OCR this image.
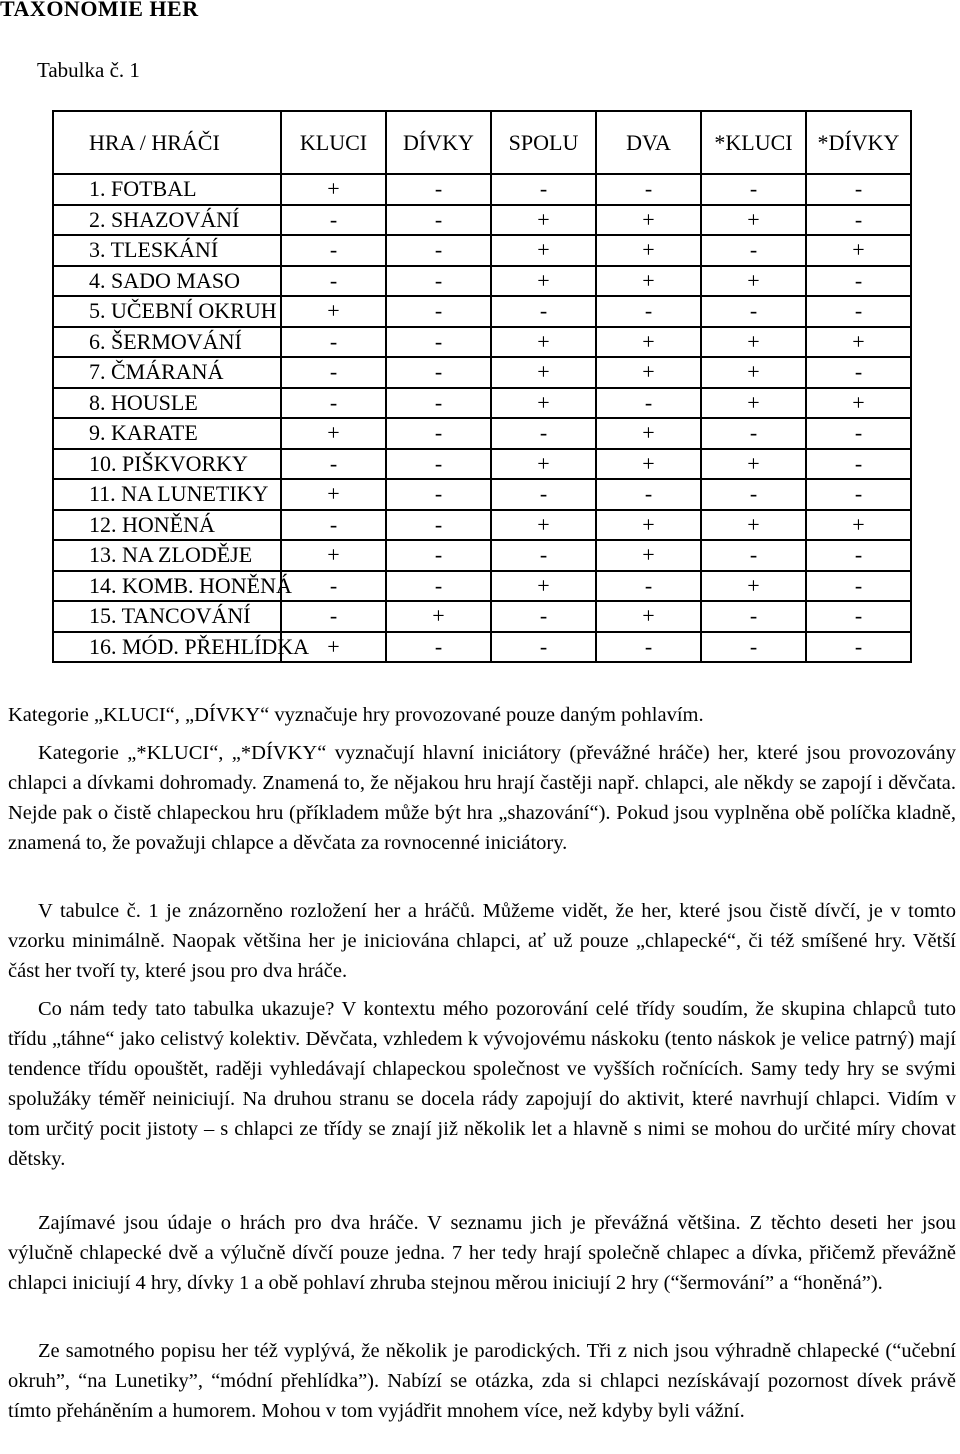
TAXONOMIE HER
Tabulka č. 1
HRA / HRÁČI	KLUCI	DÍVKY	SPOLU	DVA	*KLUCI	*DÍVKY
1. FOTBAL	+	-	-	-	-	-
2. SHAZOVÁNÍ	-	-	+	+	+	-
3. TLESKÁNÍ	-	-	+	+	-	+
4. SADO MASO	-	-	+	+	+	-
5. UČEBNÍ OKRUH	+	-	-	-	-	-
6. ŠERMOVÁNÍ	-	-	+	+	+	+
7. ČMÁRANÁ	-	-	+	+	+	-
8. HOUSLE	-	-	+	-	+	+
9. KARATE	+	-	-	+	-	-
10. PIŠKVORKY	-	-	+	+	+	-
11. NA LUNETIKY	+	-	-	-	-	-
12. HONĚNÁ	-	-	+	+	+	+
13. NA ZLODĚJE	+	-	-	+	-	-
14. KOMB. HONĚNÁ	-	-	+	-	+	-
15. TANCOVÁNÍ	-	+	-	+	-	-
16. MÓD. PŘEHLÍDKA	+	-	-	-	-	-

Kategorie „KLUCI“, „DÍVKY“ vyznačuje hry provozované pouze daným pohlavím.

Kategorie „*KLUCI“, „*DÍVKY“ vyznačují hlavní iniciátory (převážné hráče) her, které jsou provozovány chlapci a dívkami dohromady. Znamená to, že nějakou hru hrají častěji např. chlapci, ale někdy se zapojí i děvčata. Nejde pak o čistě chlapeckou hru (příkladem může být hra „shazování“). Pokud jsou vyplněna obě políčka kladně, znamená to, že považuji chlapce a děvčata za rovnocenné iniciátory.

V tabulce č. 1 je znázorněno rozložení her a hráčů. Můžeme vidět, že her, které jsou čistě dívčí, je v tomto vzorku minimálně. Naopak většina her je iniciována chlapci, ať už pouze „chlapecké“, či též smíšené hry. Větší část her tvoří ty, které jsou pro dva hráče.

Co nám tedy tato tabulka ukazuje? V kontextu mého pozorování celé třídy soudím, že skupina chlapců tuto třídu „táhne“ jako celistvý kolektiv. Děvčata, vzhledem k vývojovému náskoku (tento náskok je velice patrný) mají tendence třídu opouštět, raději vyhledávají chlapeckou společnost ve vyšších ročnících. Samy tedy hry se svými spolužáky téměř neiniciují. Na druhou stranu se docela rády zapojují do aktivit, které navrhují chlapci. Vidím v tom určitý pocit jistoty – s chlapci ze třídy se znají již několik let a hlavně s nimi se mohou do určité míry chovat dětsky.

Zajímavé jsou údaje o hrách pro dva hráče. V seznamu jich je převážná většina. Z těchto deseti her jsou výlučně chlapecké dvě a výlučně dívčí pouze jedna. 7 her tedy hrají společně chlapec a dívka, přičemž převážně chlapci iniciují 4 hry, dívky 1 a obě pohlaví zhruba stejnou měrou iniciují 2 hry (“šermování” a “honěná”).

Ze samotného popisu her též vyplývá, že několik je parodických. Tři z nich jsou výhradně chlapecké (“učební okruh”, “na Lunetiky”, “módní přehlídka”). Nabízí se otázka, zda si chlapci nezískávají pozornost dívek právě tímto přeháněním a humorem. Mohou v tom vyjádřit mnohem více, než kdyby byli vážní.
